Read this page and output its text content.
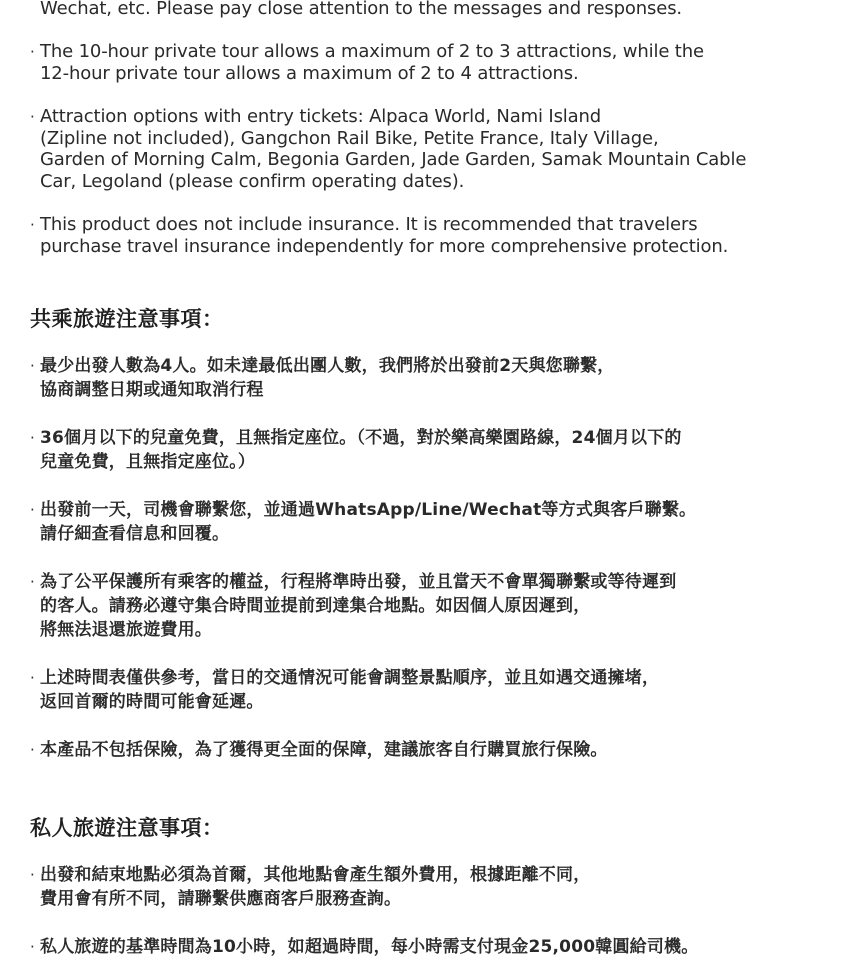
Wechat, etc. Please pay close attention to the messages and responses.
· The 10-hour private tour allows a maximum of 2 to 3 attractions, while the
12-hour private tour allows a maximum of 2 to 4 attractions.
· Attraction options with entry tickets: Alpaca World, Nami Island
(Zipline not included), Gangchon Rail Bike, Petite France, Italy Village,
Garden of Morning Calm, Begonia Garden, Jade Garden, Samak Mountain Cable
Car, Legoland (please confirm operating dates).
· This product does not include insurance. It is recommended that travelers
purchase travel insurance independently for more comprehensive protection.
共乘旅遊注意事項：
· 最少出發人數為4人。如未達最低出團人數，我們將於出發前2天與您聯繫，
協商調整日期或通知取消行程
· 36個月以下的兒童免費，且無指定座位。（不過，對於樂高樂園路線，24個月以下的
兒童免費，且無指定座位。）
· 出發前一天，司機會聯繫您，並通過WhatsApp/Line/Wechat等方式與客戶聯繫。
請仔細查看信息和回覆。
· 為了公平保護所有乘客的權益，行程將準時出發，並且當天不會單獨聯繫或等待遲到
的客人。請務必遵守集合時間並提前到達集合地點。如因個人原因遲到，
將無法退還旅遊費用。
· 上述時間表僅供參考，當日的交通情況可能會調整景點順序，並且如遇交通擁堵，
返回首爾的時間可能會延遲。
· 本產品不包括保險，為了獲得更全面的保障，建議旅客自行購買旅行保險。
私人旅遊注意事項：
· 出發和結束地點必須為首爾，其他地點會產生額外費用，根據距離不同，
費用會有所不同，請聯繫供應商客戶服務查詢。
· 私人旅遊的基準時間為10小時，如超過時間，每小時需支付現金25,000韓圓給司機。
